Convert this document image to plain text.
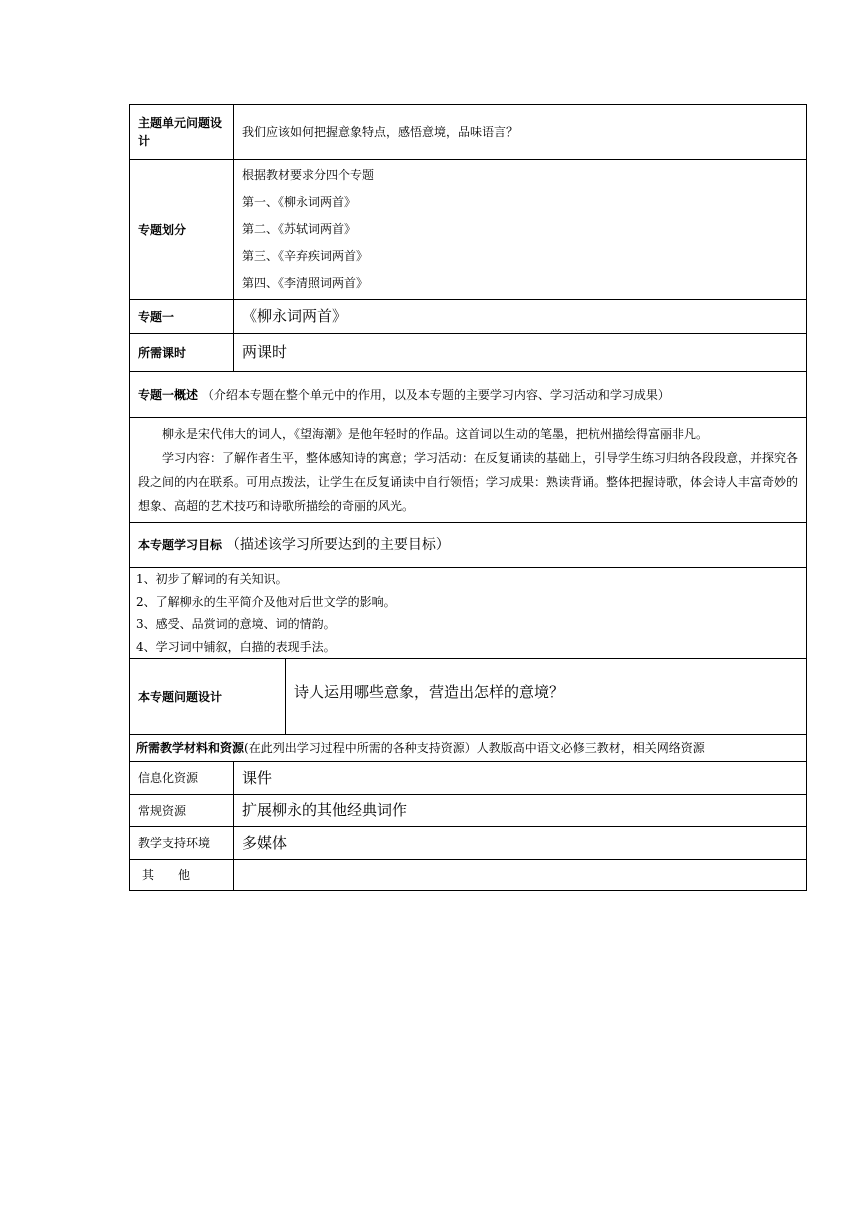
主题单元问题设计	我们应该如何把握意象特点，感悟意境，品味语言？	
专题划分	根据教材要求分四个专题
第一、《柳永词两首》
第二、《苏轼词两首》
第三、《辛弃疾词两首》
第四、《李清照词两首》	

专题一	《柳永词两首》	
所需课时	两课时	
专题一概述 （介绍本专题在整个单元中的作用，以及本专题的主要学习内容、学习活动和学习成果）		

柳永是宋代伟大的词人，《望海潮》是他年轻时的作品。这首词以生动的笔墨，把杭州描绘得富丽非凡。

学习内容：了解作者生平，整体感知诗的寓意；学习活动：在反复诵读的基础上，引导学生练习归纳各段段意，并探究各段之间的内在联系。可用点拨法，让学生在反复诵读中自行领悟；学习成果：熟读背诵。整体把握诗歌，体会诗人丰富奇妙的想象、高超的艺术技巧和诗歌所描绘的奇丽的风光。		

本专题学习目标 （描述该学习所要达到的主要目标）		

1、初步了解词的有关知识。
2、了解柳永的生平简介及他对后世文学的影响。
3、感受、品赏词的意境、词的情韵。
4、学习词中铺叙，白描的表现手法。		

本专题问题设计		诗人运用哪些意象，营造出怎样的意境？
所需教学材料和资源(在此列出学习过程中所需的各种支持资源）人教版高中语文必修三教材，相关网络资源		
信息化资源	课件	
常规资源	扩展柳永的其他经典词作	
教学支持环境	多媒体	
其　　他		
